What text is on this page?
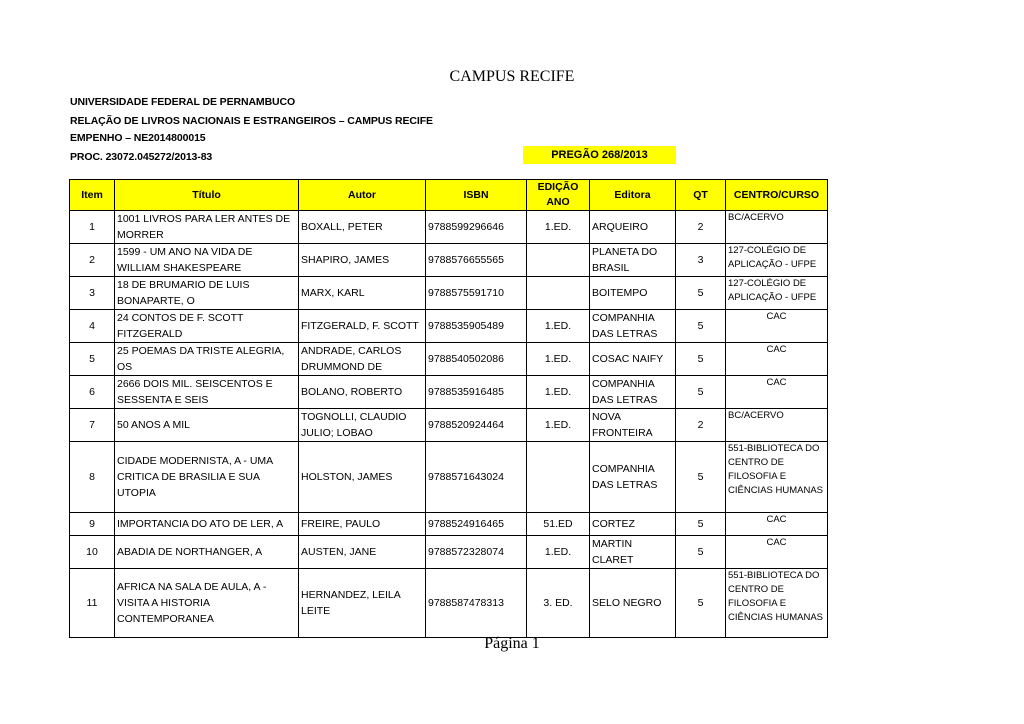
CAMPUS RECIFE
UNIVERSIDADE FEDERAL DE PERNAMBUCO
RELAÇÃO DE LIVROS NACIONAIS E ESTRANGEIROS – CAMPUS RECIFE
EMPENHO – NE2014800015
PROC. 23072.045272/2013-83	PREGÃO 268/2013
Item	Título	Autor	ISBN	EDIÇÃO ANO	Editora	QT	CENTRO/CURSO
1	1001 LIVROS PARA LER ANTES DE MORRER	BOXALL, PETER	9788599296646	1.ED.	ARQUEIRO	2	BC/ACERVO
2	1599 - UM ANO NA VIDA DE WILLIAM SHAKESPEARE	SHAPIRO, JAMES	9788576655565		PLANETA DO BRASIL	3	127-COLÉGIO DE APLICAÇÃO - UFPE
3	18 DE BRUMARIO DE LUIS BONAPARTE, O	MARX, KARL	9788575591710		BOITEMPO	5	127-COLÉGIO DE APLICAÇÃO - UFPE
4	24 CONTOS DE F. SCOTT FITZGERALD	FITZGERALD, F. SCOTT	9788535905489	1.ED.	COMPANHIA DAS LETRAS	5	CAC
5	25 POEMAS DA TRISTE ALEGRIA, OS	ANDRADE, CARLOS DRUMMOND DE	9788540502086	1.ED.	COSAC NAIFY	5	CAC
6	2666 DOIS MIL. SEISCENTOS E SESSENTA E SEIS	BOLANO, ROBERTO	9788535916485	1.ED.	COMPANHIA DAS LETRAS	5	CAC
7	50 ANOS A MIL	TOGNOLLI, CLAUDIO JULIO; LOBAO	9788520924464	1.ED.	NOVA FRONTEIRA	2	BC/ACERVO
8	CIDADE MODERNISTA, A - UMA CRITICA DE BRASILIA E SUA UTOPIA	HOLSTON, JAMES	9788571643024		COMPANHIA DAS LETRAS	5	551-BIBLIOTECA DO CENTRO DE FILOSOFIA E CIÊNCIAS HUMANAS
9	IMPORTANCIA DO ATO DE LER, A	FREIRE, PAULO	9788524916465	51.ED	CORTEZ	5	CAC
10	ABADIA DE NORTHANGER, A	AUSTEN, JANE	9788572328074	1.ED.	MARTIN CLARET	5	CAC
11	AFRICA NA SALA DE AULA, A - VISITA A HISTORIA CONTEMPORANEA	HERNANDEZ, LEILA LEITE	9788587478313	3. ED.	SELO NEGRO	5	551-BIBLIOTECA DO CENTRO DE FILOSOFIA E CIÊNCIAS HUMANAS
Página 1
